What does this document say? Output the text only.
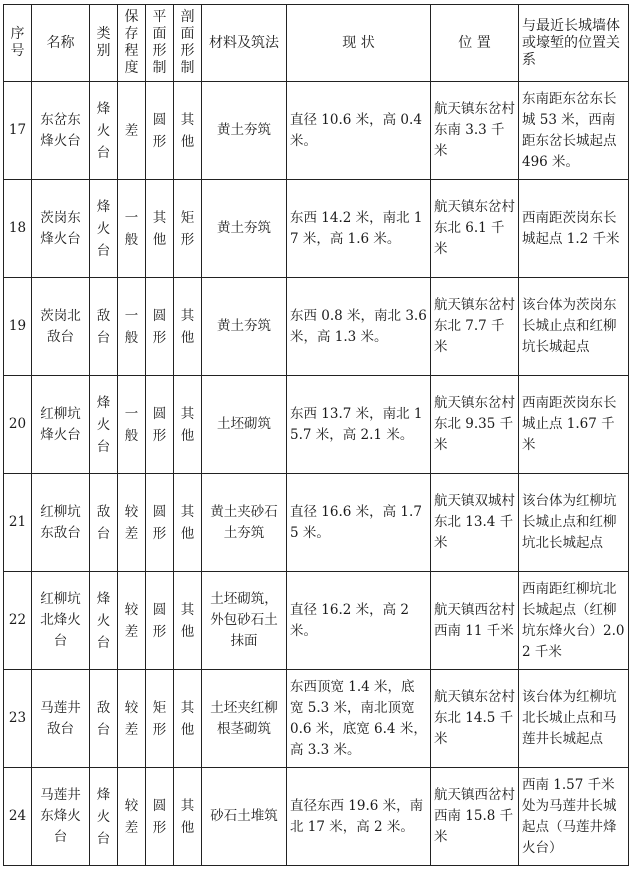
序号	名称	类别	保存程度	平面形制	剖面形制	材料及筑法	现 状	位 置	与最近长城墙体或壕堑的位置关系
17	东岔东烽火台	烽火台	差	圆形	其他	黄土夯筑	直径 10.6 米，高 0.4 米。	航天镇东岔村东南 3.3 千米	东南距东岔东长城 53 米，西南距东岔长城起点 496 米。
18	茨岗东烽火台	烽火台	一般	其他	矩形	黄土夯筑	东西 14.2 米，南北 17 米，高 1.6 米。	航天镇东岔村东北 6.1 千米	西南距茨岗东长城起点 1.2 千米
19	茨岗北敌台	敌台	一般	圆形	其他	黄土夯筑	东西 0.8 米，南北 3.6 米，高 1.3 米。	航天镇东岔村东北 7.7 千米	该台体为茨岗东长城止点和红柳坑长城起点
20	红柳坑烽火台	烽火台	一般	圆形	其他	土坯砌筑	东西 13.7 米，南北 15.7 米，高 2.1 米。	航天镇东岔村东北 9.35 千米	西南距茨岗东长城止点 1.67 千米
21	红柳坑东敌台	敌台	较差	圆形	其他	黄土夹砂石土夯筑	直径 16.6 米，高 1.75 米。	航天镇双城村东北 13.4 千米	该台体为红柳坑长城止点和红柳坑北长城起点
22	红柳坑北烽火台	烽火台	较差	圆形	其他	土坯砌筑，外包砂石土抹面	直径 16.2 米，高 2 米。	航天镇西岔村西南 11 千米	西南距红柳坑北长城起点（红柳坑东烽火台）2.02 千米
23	马莲井敌台	敌台	较差	矩形	其他	土坯夹红柳根茎砌筑	东西顶宽 1.4 米，底宽 5.3 米，南北顶宽 0.6 米，底宽 6.4 米，高 3.3 米。	航天镇东岔村东北 14.5 千米	该台体为红柳坑北长城止点和马莲井长城起点
24	马莲井东烽火台	烽火台	较差	圆形	其他	砂石土堆筑	直径东西 19.6 米，南北 17 米，高 2 米。	航天镇西岔村西南 15.8 千米	西南 1.57 千米处为马莲井长城起点（马莲井烽火台）
